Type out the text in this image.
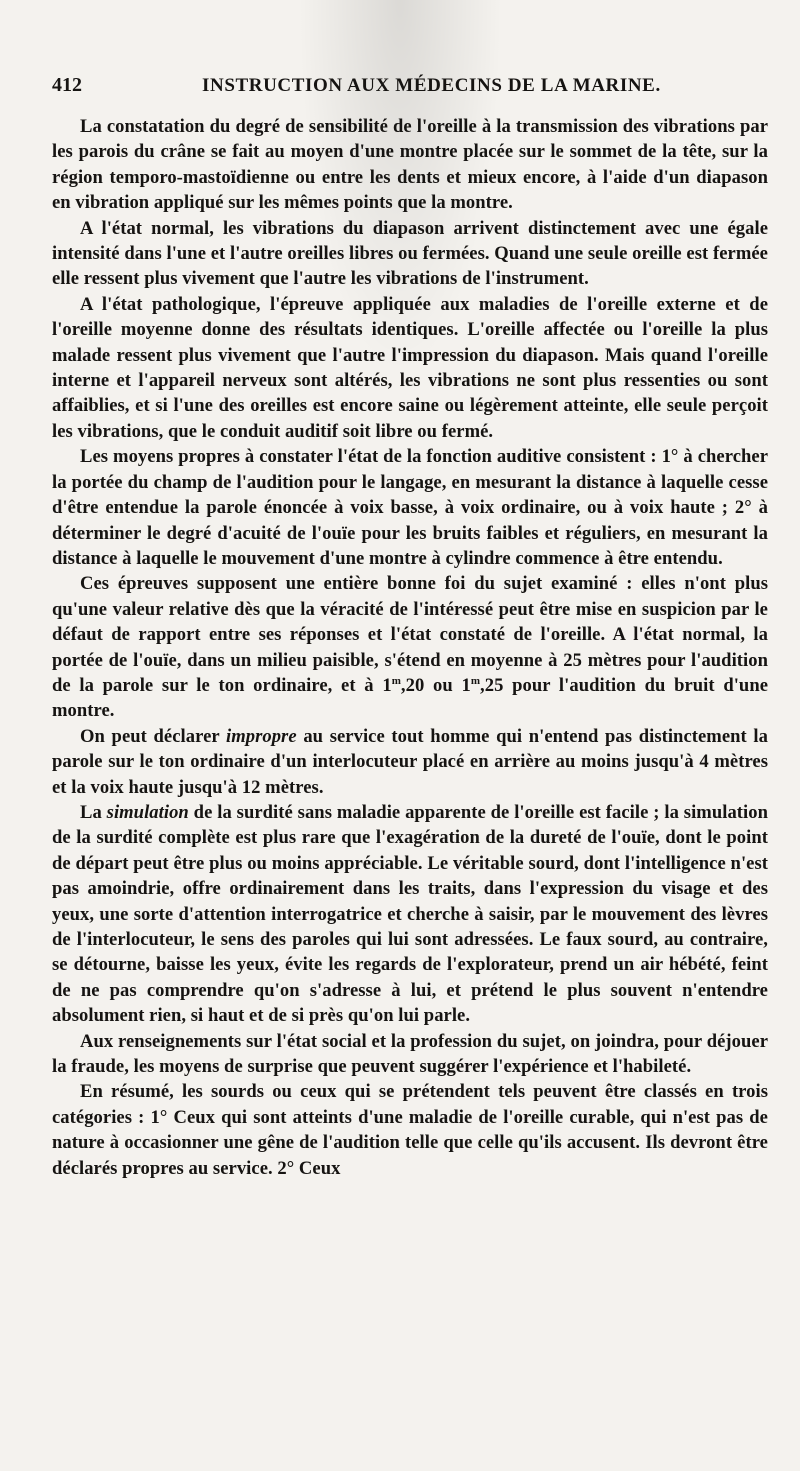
412	INSTRUCTION AUX MÉDECINS DE LA MARINE.

La constatation du degré de sensibilité de l'oreille à la transmission des vibrations par les parois du crâne se fait au moyen d'une montre placée sur le sommet de la tête, sur la région temporo-mastoïdienne ou entre les dents et mieux encore, à l'aide d'un diapason en vibration appliqué sur les mêmes points que la montre.

A l'état normal, les vibrations du diapason arrivent distinctement avec une égale intensité dans l'une et l'autre oreilles libres ou fermées. Quand une seule oreille est fermée elle ressent plus vivement que l'autre les vibrations de l'instrument.

A l'état pathologique, l'épreuve appliquée aux maladies de l'oreille externe et de l'oreille moyenne donne des résultats identiques. L'oreille affectée ou l'oreille la plus malade ressent plus vivement que l'autre l'impression du diapason. Mais quand l'oreille interne et l'appareil nerveux sont altérés, les vibrations ne sont plus ressenties ou sont affaiblies, et si l'une des oreilles est encore saine ou légèrement atteinte, elle seule perçoit les vibrations, que le conduit auditif soit libre ou fermé.

Les moyens propres à constater l'état de la fonction auditive consistent : 1° à chercher la portée du champ de l'audition pour le langage, en mesurant la distance à laquelle cesse d'être entendue la parole énoncée à voix basse, à voix ordinaire, ou à voix haute ; 2° à déterminer le degré d'acuité de l'ouïe pour les bruits faibles et réguliers, en mesurant la distance à laquelle le mouvement d'une montre à cylindre commence à être entendu.

Ces épreuves supposent une entière bonne foi du sujet examiné : elles n'ont plus qu'une valeur relative dès que la véracité de l'intéressé peut être mise en suspicion par le défaut de rapport entre ses réponses et l'état constaté de l'oreille. A l'état normal, la portée de l'ouïe, dans un milieu paisible, s'étend en moyenne à 25 mètres pour l'audition de la parole sur le ton ordinaire, et à 1$^m$,20 ou 1$^m$,25 pour l'audition du bruit d'une montre.

On peut déclarer impropre au service tout homme qui n'entend pas distinctement la parole sur le ton ordinaire d'un interlocuteur placé en arrière au moins jusqu'à 4 mètres et la voix haute jusqu'à 12 mètres.

La simulation de la surdité sans maladie apparente de l'oreille est facile ; la simulation de la surdité complète est plus rare que l'exagération de la dureté de l'ouïe, dont le point de départ peut être plus ou moins appréciable. Le véritable sourd, dont l'intelligence n'est pas amoindrie, offre ordinairement dans les traits, dans l'expression du visage et des yeux, une sorte d'attention interrogatrice et cherche à saisir, par le mouvement des lèvres de l'interlocuteur, le sens des paroles qui lui sont adressées. Le faux sourd, au contraire, se détourne, baisse les yeux, évite les regards de l'explorateur, prend un air hébété, feint de ne pas comprendre qu'on s'adresse à lui, et prétend le plus souvent n'entendre absolument rien, si haut et de si près qu'on lui parle.

Aux renseignements sur l'état social et la profession du sujet, on joindra, pour déjouer la fraude, les moyens de surprise que peuvent suggérer l'expérience et l'habileté.

En résumé, les sourds ou ceux qui se prétendent tels peuvent être classés en trois catégories : 1° Ceux qui sont atteints d'une maladie de l'oreille curable, qui n'est pas de nature à occasionner une gêne de l'audition telle que celle qu'ils accusent. Ils devront être déclarés propres au service. 2° Ceux
